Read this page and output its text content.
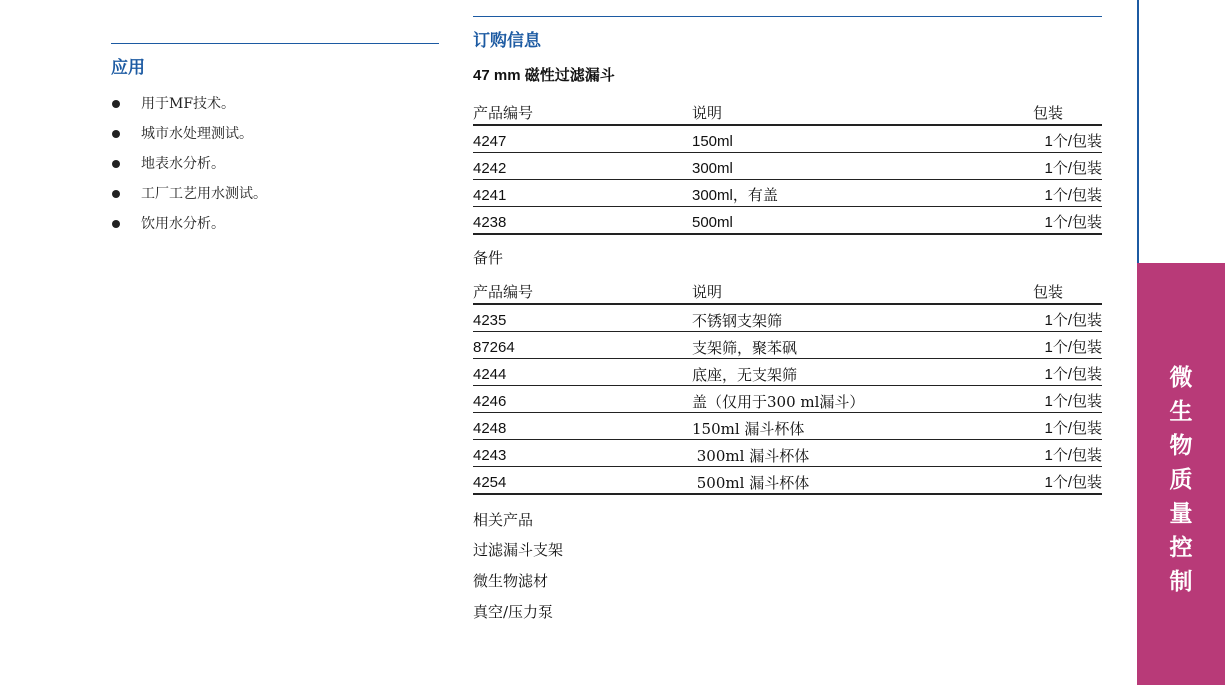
应用
用于MF技术。
城市水处理测试。
地表水分析。
工厂工艺用水测试。
饮用水分析。
订购信息
47 mm 磁性过滤漏斗
产品编号	说明	包装
4247	150ml	1个/包装
4242	300ml	1个/包装
4241	300ml，有盖	1个/包装
4238	500ml	1个/包装
备件
产品编号	说明	包装
4235	不锈钢支架筛	1个/包装
87264	支架筛，聚苯砜	1个/包装
4244	底座，无支架筛	1个/包装
4246	盖（仅用于300 ml漏斗）	1个/包装
4248	150ml 漏斗杯体	1个/包装
4243	300ml 漏斗杯体	1个/包装
4254	500ml 漏斗杯体	1个/包装
相关产品
过滤漏斗支架
微生物滤材
真空/压力泵
微生物质量控制
